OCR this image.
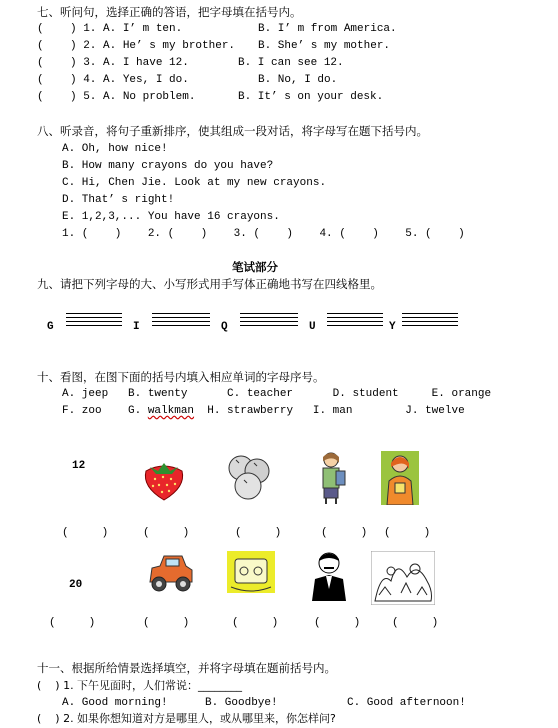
七、听问句，选择正确的答语，把字母填在括号内。
(    ) 1. A. I’ m ten.	B. I’ m from America.
(    ) 2. A. He’ s my brother. B. She’ s my mother.
(    ) 3. A. I have 12.	B. I can see 12.
(    ) 4. A. Yes, I do.	B. No, I do.
(    ) 5. A. No problem.	B. It’ s on your desk.
八、听录音，将句子重新排序，使其组成一段对话，将字母写在题下括号内。
A. Oh, how nice!
B. How many crayons do you have?
C. Hi, Chen Jie. Look at my new crayons.
D. That’ s right!
E. 1,2,3,... You have 16 crayons.
1. (    )    2. (    )    3. (    )    4. (    )    5. (    )
笔试部分
九、请把下列字母的大、小写形式用手写体正确地书写在四线格里。
G	I	Q	U	Y
十、看图，在图下面的括号内填入相应单词的字母序号。
A. jeep   B. twenty      C. teacher      D. student     E. orange
F. zoo    G. walkman  H. strawberry   I. man        J. twelve
12
(     )	(     )	(     )	(     ) (     )
20
(     )	(     )	(     )	(     )	(     )
十一、根据所给情景选择填空，并将字母填在题前括号内。
(    ) 1. 下午见面时，人们常说：________
A. Good morning!	B. Goodbye!	C. Good afternoon!
(    ) 2. 如果你想知道对方是哪里人，或从哪里来，你怎样问?
